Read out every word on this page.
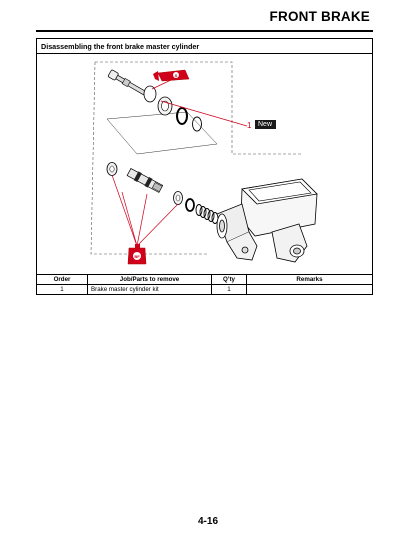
FRONT BRAKE
Disassembling the front brake master cylinder
S
BF
1 New
Order	Job/Parts to remove	Q’ty	Remarks
1	Brake master cylinder kit	1	
4-16
